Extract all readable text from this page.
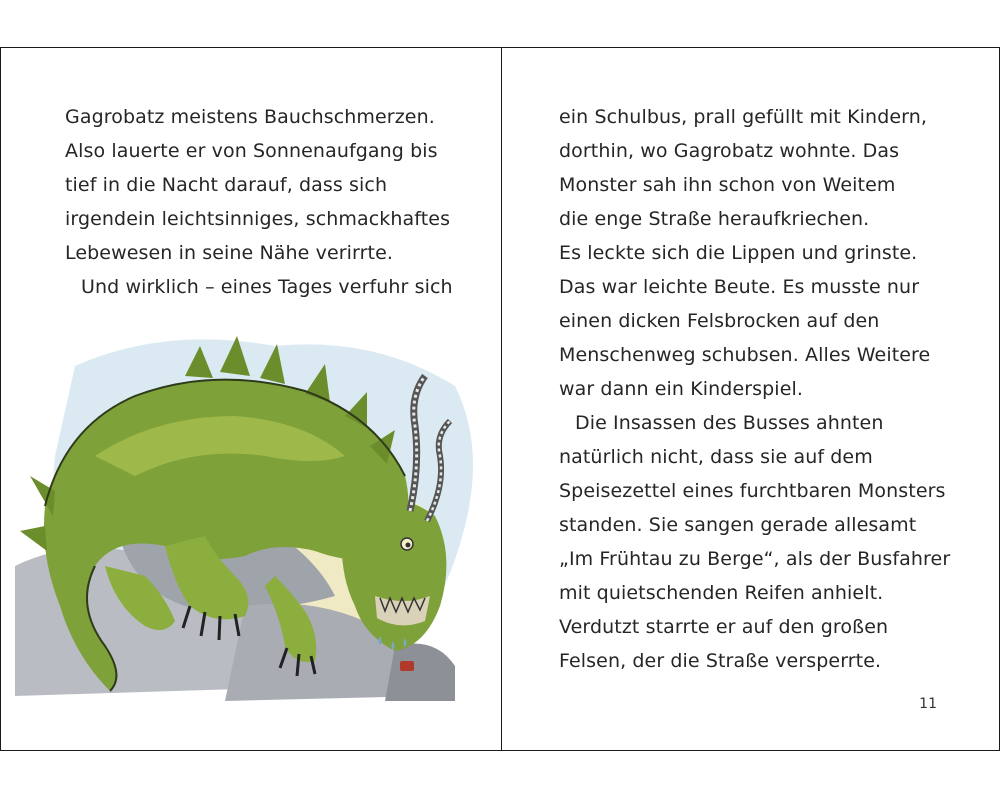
Gagrobatz meistens Bauchschmerzen.
Also lauerte er von Sonnenaufgang bis
tief in die Nacht darauf, dass sich
irgendein leichtsinniges, schmackhaftes
Lebewesen in seine Nähe verirrte.
Und wirklich – eines Tages verfuhr sich
ein Schulbus, prall gefüllt mit Kindern,
dorthin, wo Gagrobatz wohnte. Das
Monster sah ihn schon von Weitem
die enge Straße heraufkriechen.
Es leckte sich die Lippen und grinste.
Das war leichte Beute. Es musste nur
einen dicken Felsbrocken auf den
Menschenweg schubsen. Alles Weitere
war dann ein Kinderspiel.
Die Insassen des Busses ahnten
natürlich nicht, dass sie auf dem
Speisezettel eines furchtbaren Monsters
standen. Sie sangen gerade allesamt
„Im Frühtau zu Berge“, als der Busfahrer
mit quietschenden Reifen anhielt.
Verdutzt starrte er auf den großen
Felsen, der die Straße versperrte.
11
